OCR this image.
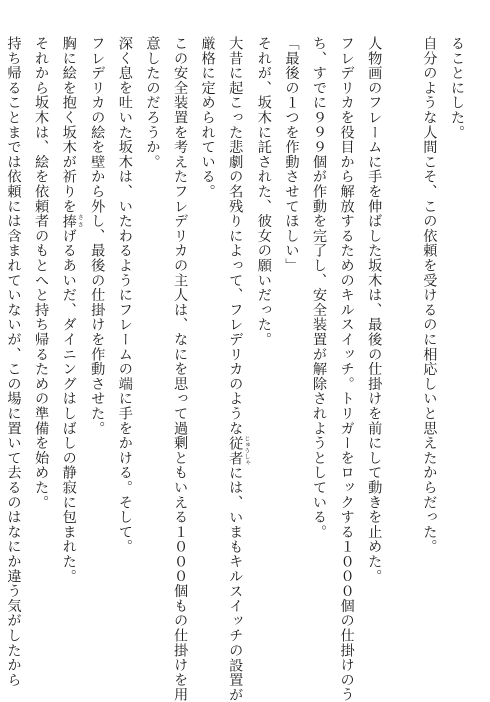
ることにした。
自分のような人間こそ、この依頼を受けるのに相応しいと思えたからだった。
人物画のフレームに手を伸ばした坂木は、最後の仕掛けを前にして動きを止めた。
フレデリカを役目から解放するためのキルスイッチ。トリガーをロックする１０００個の仕掛けのう
ち、すでに９９９個が作動を完了し、安全装置が解除されようとしている。
「最後の１つを作動させてほしい」
それが、坂木に託された、彼女の願いだった。
大昔に起こった悲劇の名残りによって、フレデリカのような従者 じゅうしゃには、いまもキルスイッチの設置が
厳格に定められている。
この安全装置を考えたフレデリカの主人は、なにを思って過剰ともいえる１０００個もの仕掛けを用
意したのだろうか。
深く息を吐いた坂木は、いたわるようにフレームの端に手をかける。そして。
フレデリカの絵を壁から外し、最後の仕掛けを作動させた。
胸に絵を抱く坂木が祈りを捧 ささげるあいだ、ダイニングはしばしの静寂に包まれた。
それから坂木は、絵を依頼者のもとへと持ち帰るための準備を始めた。
持ち帰ることまでは依頼には含まれていないが、この場に置いて去るのはなにか違う気がしたから
